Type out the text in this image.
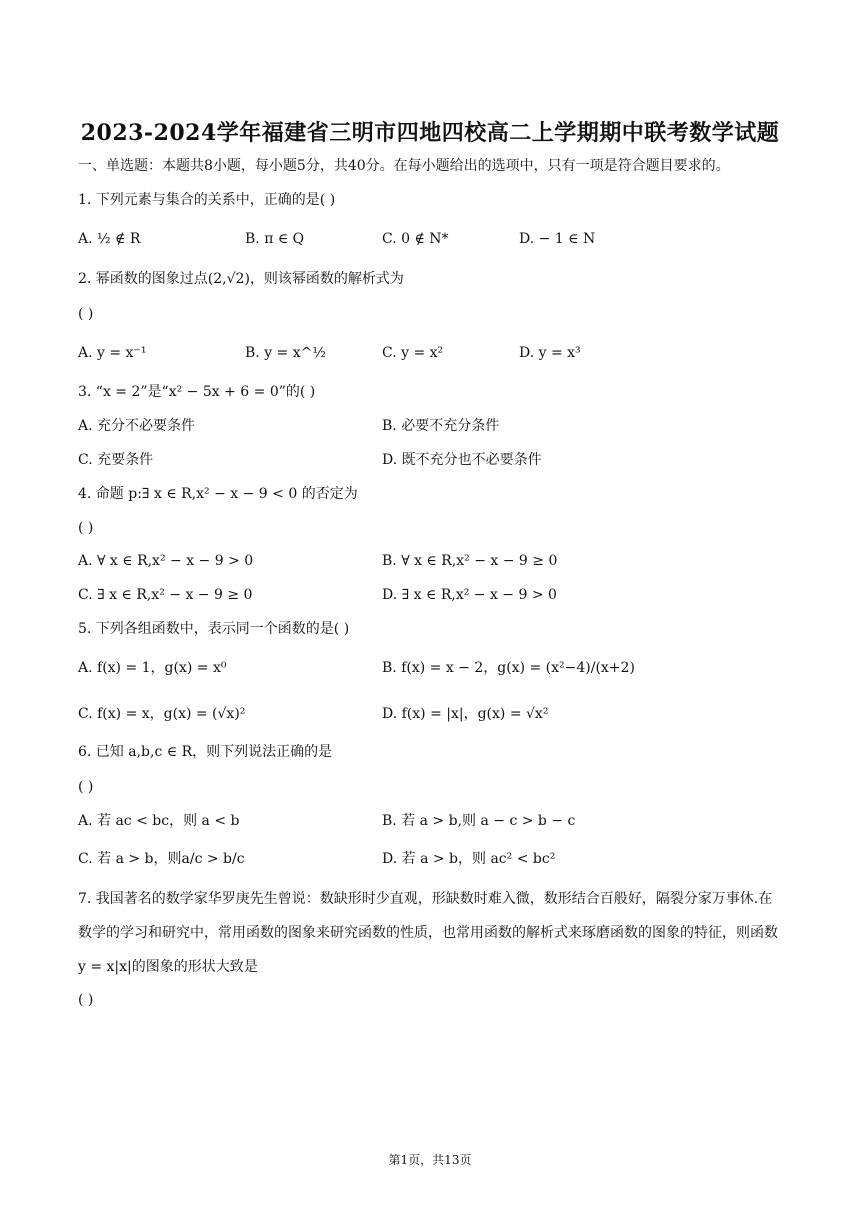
2023-2024学年福建省三明市四地四校高二上学期期中联考数学试题
一、单选题：本题共8小题，每小题5分，共40分。在每小题给出的选项中，只有一项是符合题目要求的。
1. 下列元素与集合的关系中，正确的是( )
A. ½ ∉ R	B. π ∈ Q	C. 0 ∉ N*	D. − 1 ∈ N
2. 幂函数的图象过点(2,√2)，则该幂函数的解析式为
( )
A. y = x⁻¹	B. y = x^½	C. y = x²	D. y = x³
3. “x = 2”是“x² − 5x + 6 = 0”的( )
A. 充分不必要条件	B. 必要不充分条件
C. 充要条件	D. 既不充分也不必要条件
4. 命题 p:∃ x ∈ R,x² − x − 9 < 0 的否定为
( )
A. ∀ x ∈ R,x² − x − 9 > 0	B. ∀ x ∈ R,x² − x − 9 ≥ 0
C. ∃ x ∈ R,x² − x − 9 ≥ 0	D. ∃ x ∈ R,x² − x − 9 > 0
5. 下列各组函数中，表示同一个函数的是( )
A. f(x) = 1，g(x) = x⁰	B. f(x) = x − 2，g(x) = (x²−4)/(x+2)
C. f(x) = x，g(x) = (√x)²	D. f(x) = |x|，g(x) = √x²
6. 已知 a,b,c ∈ R，则下列说法正确的是
( )
A. 若 ac < bc，则 a < b	B. 若 a > b,则 a − c > b − c
C. 若 a > b，则a/c > b/c	D. 若 a > b，则 ac² < bc²
7. 我国著名的数学家华罗庚先生曾说：数缺形时少直观，形缺数时难入微，数形结合百般好，隔裂分家万事休.在数学的学习和研究中，常用函数的图象来研究函数的性质，也常用函数的解析式来琢磨函数的图象的特征，则函数 y = x|x|的图象的形状大致是
( )
第1页，共13页
